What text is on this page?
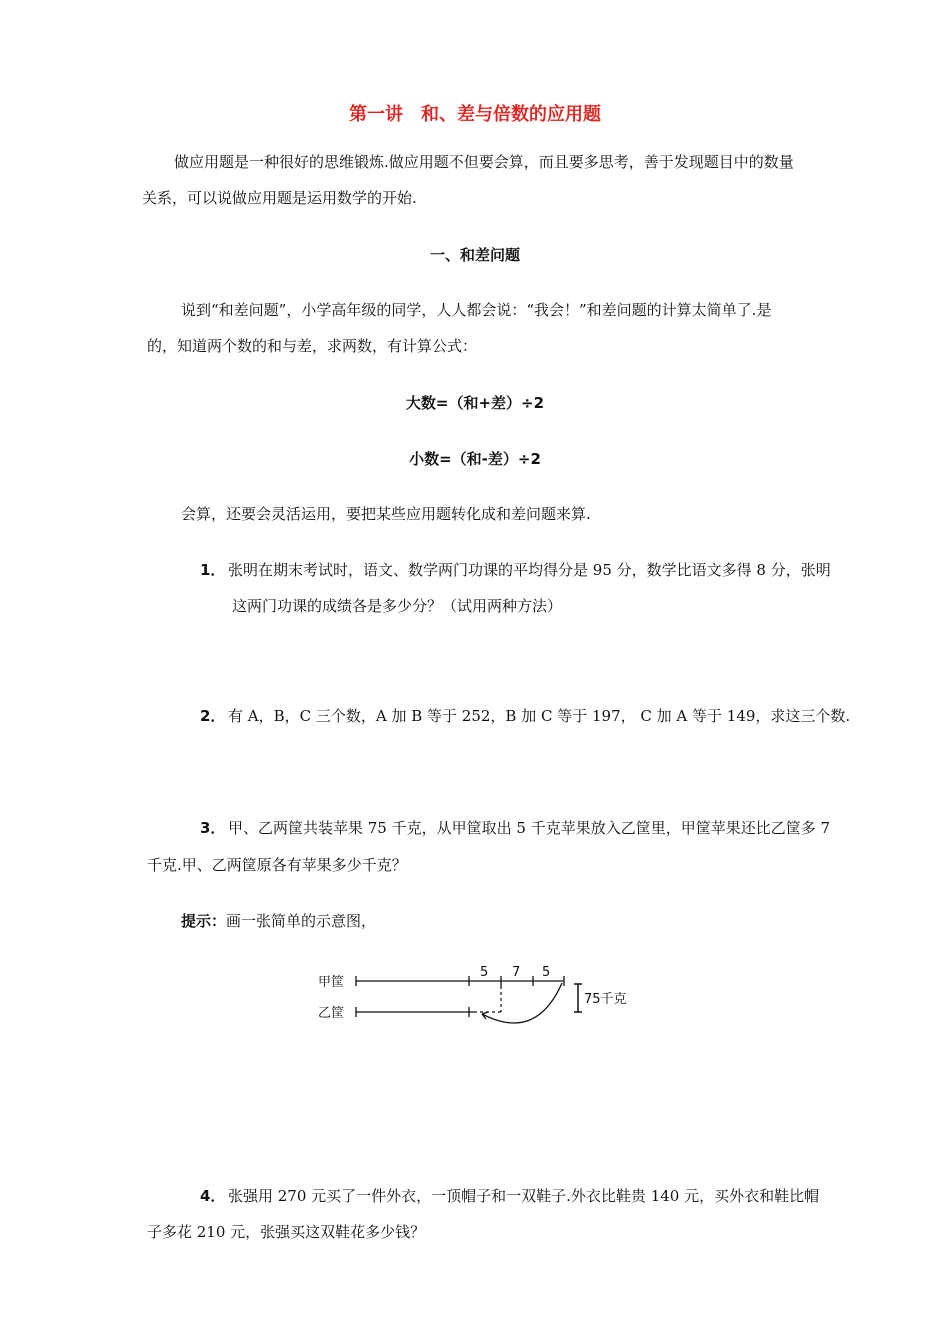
第一讲　和、差与倍数的应用题
做应用题是一种很好的思维锻炼.做应用题不但要会算，而且要多思考，善于发现题目中的数量
关系，可以说做应用题是运用数学的开始.
一、和差问题
说到“和差问题”，小学高年级的同学，人人都会说：“我会！”和差问题的计算太简单了.是
的，知道两个数的和与差，求两数，有计算公式：
大数=（和+差）÷2
小数=（和-差）÷2
会算，还要会灵活运用，要把某些应用题转化成和差问题来算.
1． 张明在期末考试时，语文、数学两门功课的平均得分是 95 分，数学比语文多得 8 分，张明
这两门功课的成绩各是多少分？（试用两种方法）
2． 有 A，B，C 三个数，A 加 B 等于 252，B 加 C 等于 197， C 加 A 等于 149，求这三个数.
3． 甲、乙两筐共装苹果 75 千克，从甲筐取出 5 千克苹果放入乙筐里，甲筐苹果还比乙筐多 7
千克.甲、乙两筐原各有苹果多少千克？
提示：画一张简单的示意图，
甲筐
5 7 5
乙筐
75千克
4． 张强用 270 元买了一件外衣，一顶帽子和一双鞋子.外衣比鞋贵 140 元，买外衣和鞋比帽
子多花 210 元，张强买这双鞋花多少钱？
